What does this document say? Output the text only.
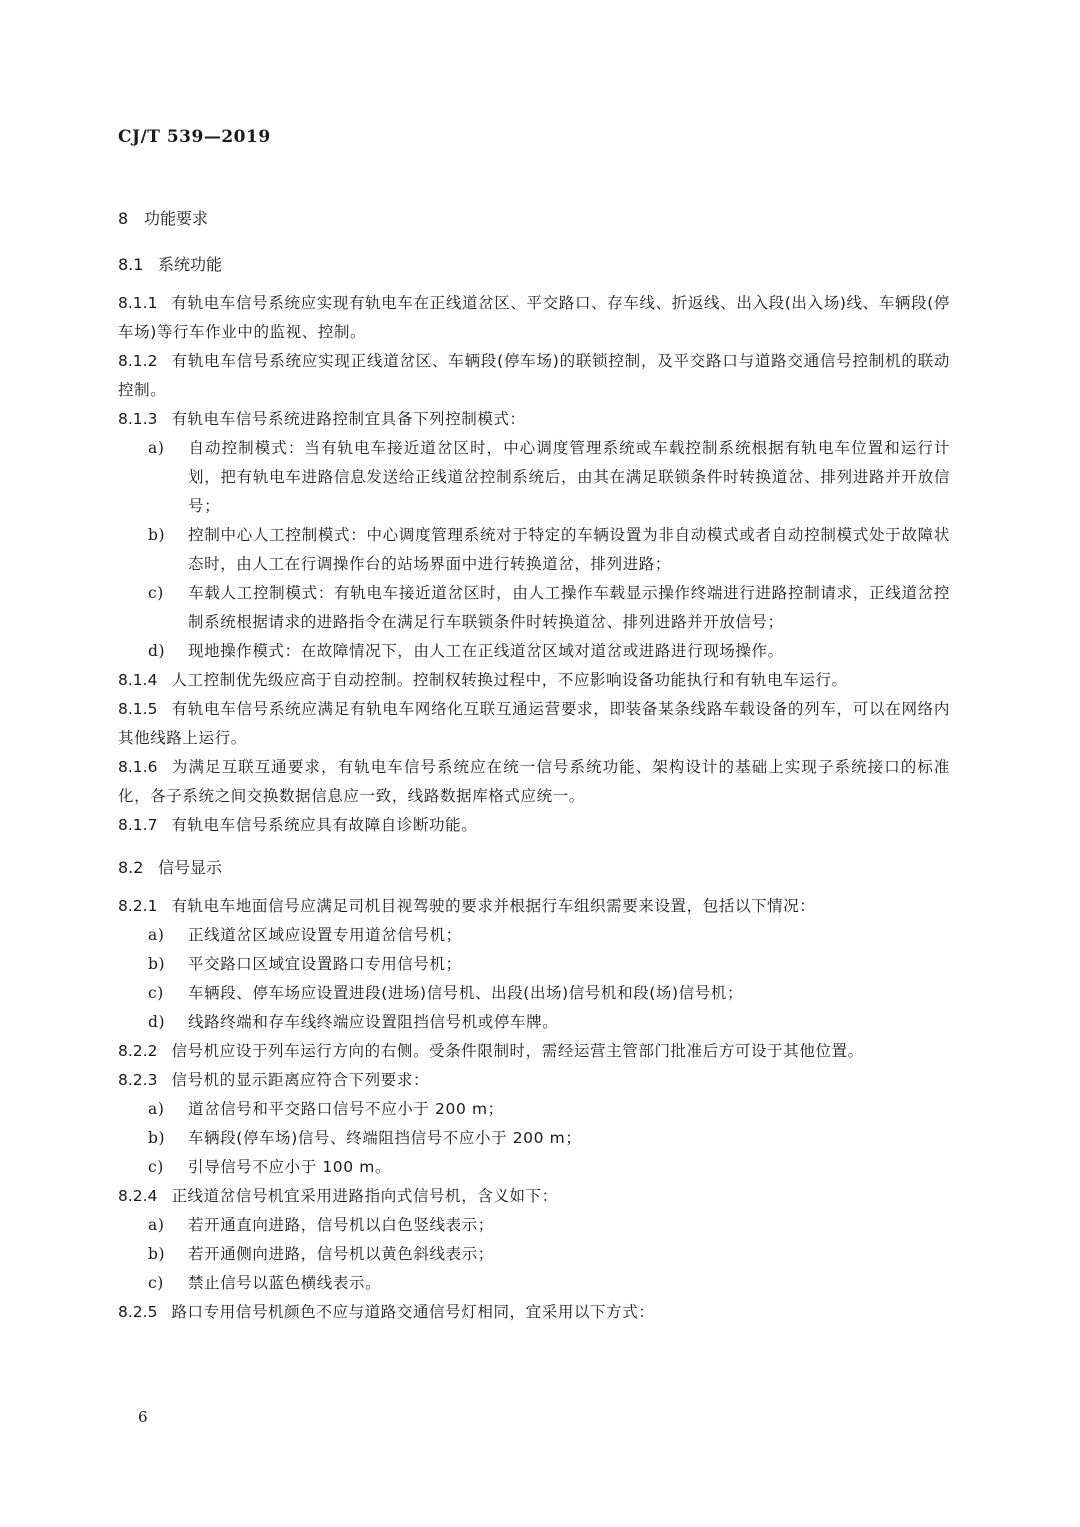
CJ/T 539—2019

8 功能要求

8.1 系统功能

8.1.1 有轨电车信号系统应实现有轨电车在正线道岔区、平交路口、存车线、折返线、出入段(出入场)线、车辆段(停车场)等行车作业中的监视、控制。

8.1.2 有轨电车信号系统应实现正线道岔区、车辆段(停车场)的联锁控制，及平交路口与道路交通信号控制机的联动控制。

8.1.3 有轨电车信号系统进路控制宜具备下列控制模式：

a) 自动控制模式：当有轨电车接近道岔区时，中心调度管理系统或车载控制系统根据有轨电车位置和运行计划，把有轨电车进路信息发送给正线道岔控制系统后，由其在满足联锁条件时转换道岔、排列进路并开放信号；

b) 控制中心人工控制模式：中心调度管理系统对于特定的车辆设置为非自动模式或者自动控制模式处于故障状态时，由人工在行调操作台的站场界面中进行转换道岔，排列进路；

c) 车载人工控制模式：有轨电车接近道岔区时，由人工操作车载显示操作终端进行进路控制请求，正线道岔控制系统根据请求的进路指令在满足行车联锁条件时转换道岔、排列进路并开放信号；

d) 现地操作模式：在故障情况下，由人工在正线道岔区域对道岔或进路进行现场操作。

8.1.4 人工控制优先级应高于自动控制。控制权转换过程中，不应影响设备功能执行和有轨电车运行。

8.1.5 有轨电车信号系统应满足有轨电车网络化互联互通运营要求，即装备某条线路车载设备的列车，可以在网络内其他线路上运行。

8.1.6 为满足互联互通要求，有轨电车信号系统应在统一信号系统功能、架构设计的基础上实现子系统接口的标准化，各子系统之间交换数据信息应一致，线路数据库格式应统一。

8.1.7 有轨电车信号系统应具有故障自诊断功能。

8.2 信号显示

8.2.1 有轨电车地面信号应满足司机目视驾驶的要求并根据行车组织需要来设置，包括以下情况：

a) 正线道岔区域应设置专用道岔信号机；

b) 平交路口区域宜设置路口专用信号机；

c) 车辆段、停车场应设置进段(进场)信号机、出段(出场)信号机和段(场)信号机；

d) 线路终端和存车线终端应设置阻挡信号机或停车牌。

8.2.2 信号机应设于列车运行方向的右侧。受条件限制时，需经运营主管部门批准后方可设于其他位置。

8.2.3 信号机的显示距离应符合下列要求：

a) 道岔信号和平交路口信号不应小于 200 m；

b) 车辆段(停车场)信号、终端阻挡信号不应小于 200 m；

c) 引导信号不应小于 100 m。

8.2.4 正线道岔信号机宜采用进路指向式信号机，含义如下：

a) 若开通直向进路，信号机以白色竖线表示；

b) 若开通侧向进路，信号机以黄色斜线表示；

c) 禁止信号以蓝色横线表示。

8.2.5 路口专用信号机颜色不应与道路交通信号灯相同，宜采用以下方式：

6
